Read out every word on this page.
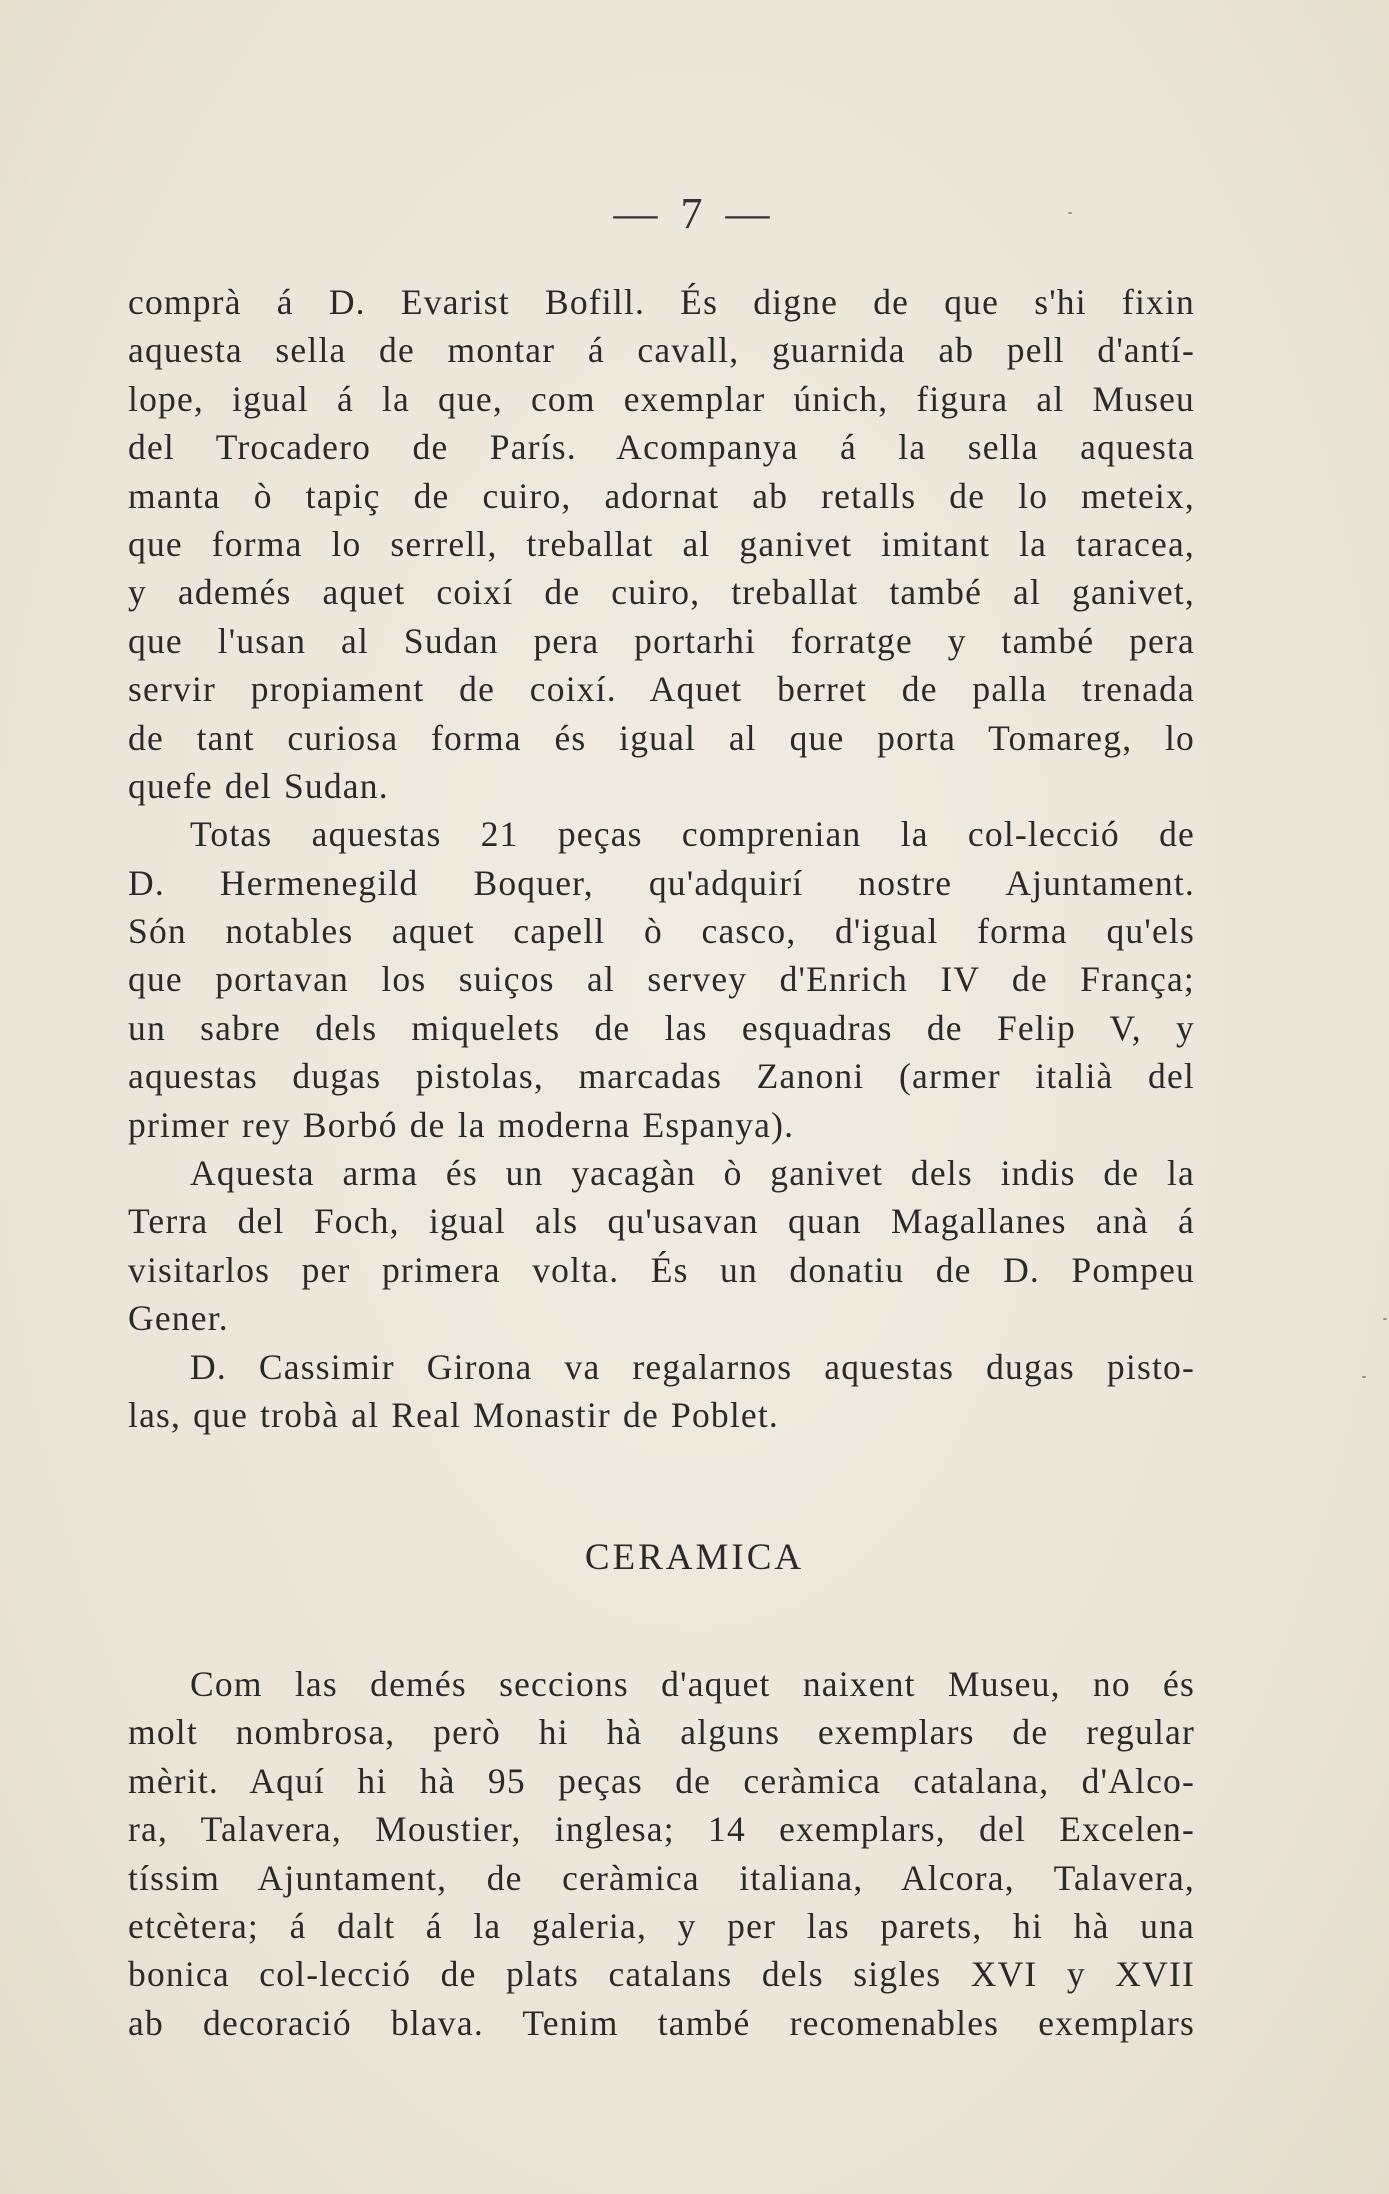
— 7 —
comprà á D. Evarist Bofill. És digne de que s'hi fixin
aquesta sella de montar á cavall, guarnida ab pell d'antí-
lope, igual á la que, com exemplar únich, figura al Museu
del Trocadero de París. Acompanya á la sella aquesta
manta ò tapiç de cuiro, adornat ab retalls de lo meteix,
que forma lo serrell, treballat al ganivet imitant la taracea,
y ademés aquet coixí de cuiro, treballat també al ganivet,
que l'usan al Sudan pera portarhi forratge y també pera
servir propiament de coixí. Aquet berret de palla trenada
de tant curiosa forma és igual al que porta Tomareg, lo
quefe del Sudan.
Totas aquestas 21 peças comprenian la col-lecció de
D. Hermenegild Boquer, qu'adquirí nostre Ajuntament.
Són notables aquet capell ò casco, d'igual forma qu'els
que portavan los suiços al servey d'Enrich IV de França;
un sabre dels miquelets de las esquadras de Felip V, y
aquestas dugas pistolas, marcadas Zanoni (armer italià del
primer rey Borbó de la moderna Espanya).
Aquesta arma és un yacagàn ò ganivet dels indis de la
Terra del Foch, igual als qu'usavan quan Magallanes anà á
visitarlos per primera volta. És un donatiu de D. Pompeu
Gener.
D. Cassimir Girona va regalarnos aquestas dugas pisto-
las, que trobà al Real Monastir de Poblet.
CERAMICA
Com las demés seccions d'aquet naixent Museu, no és
molt nombrosa, però hi hà alguns exemplars de regular
mèrit. Aquí hi hà 95 peças de ceràmica catalana, d'Alco-
ra, Talavera, Moustier, inglesa; 14 exemplars, del Excelen-
tíssim Ajuntament, de ceràmica italiana, Alcora, Talavera,
etcètera; á dalt á la galeria, y per las parets, hi hà una
bonica col-lecció de plats catalans dels sigles XVI y XVII
ab decoració blava. Tenim també recomenables exemplars
